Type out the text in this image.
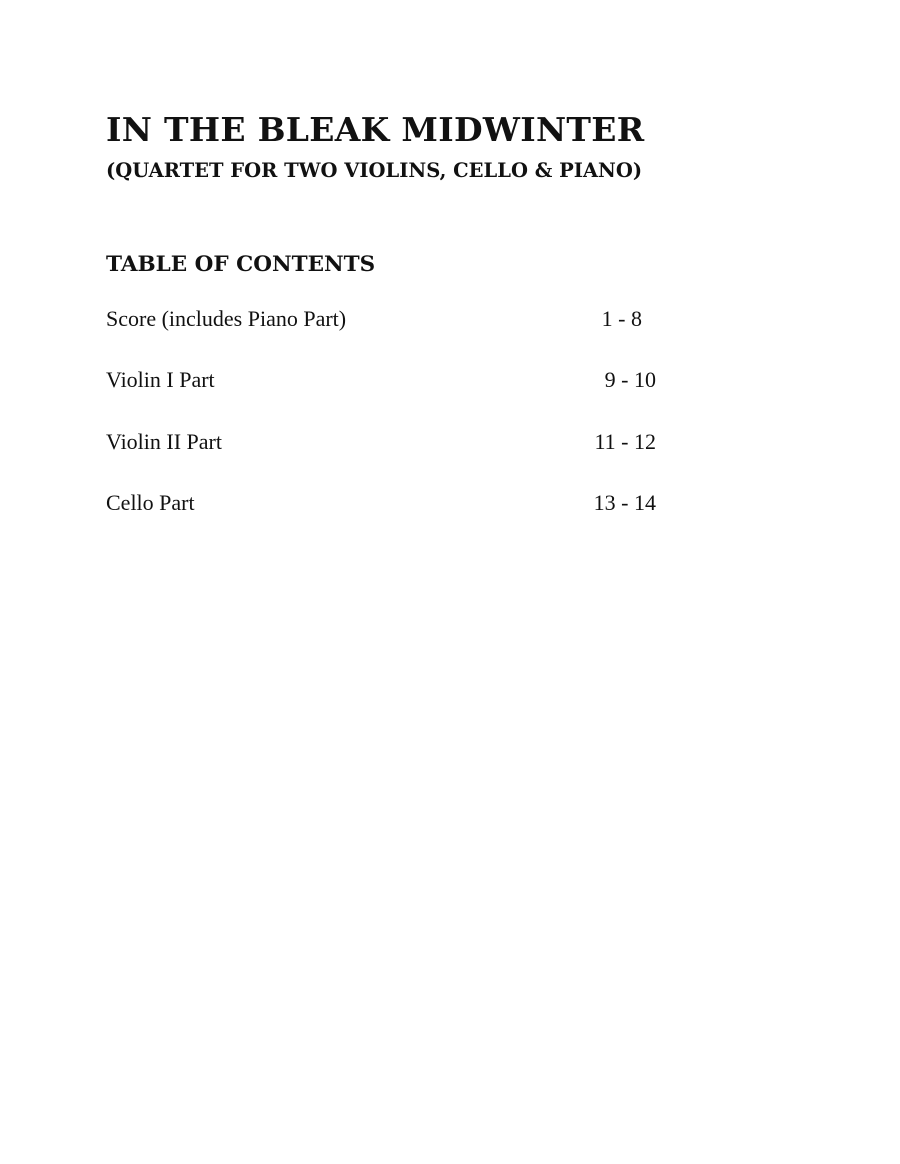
IN THE BLEAK MIDWINTER
(QUARTET FOR TWO VIOLINS, CELLO & PIANO)
TABLE OF CONTENTS
Score (includes Piano Part)	1 - 8
Violin I Part	9 - 10
Violin II Part	11 - 12
Cello Part	13 - 14
